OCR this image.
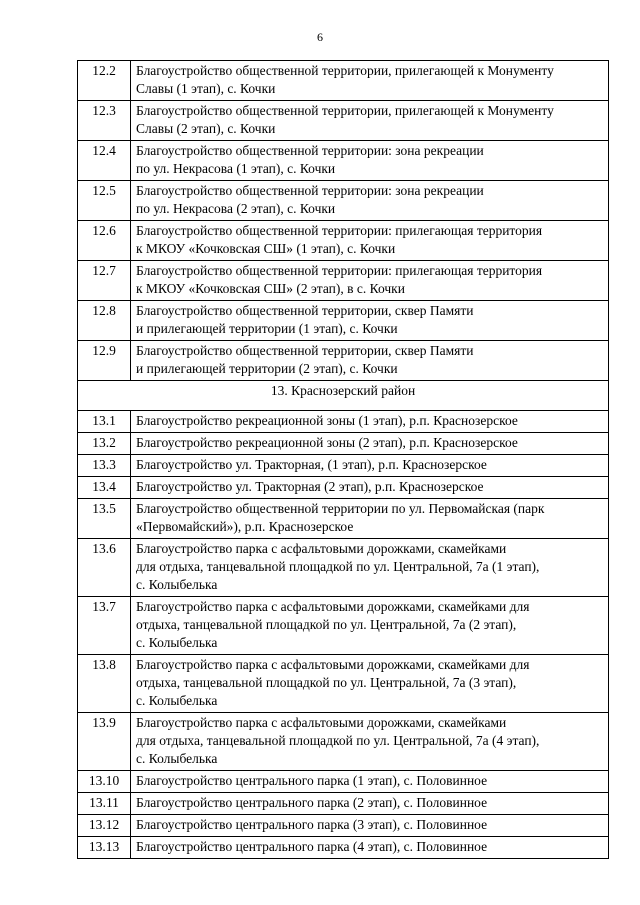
6
12.2	Благоустройство общественной территории, прилегающей к Монументу
Славы (1 этап), с. Кочки
12.3	Благоустройство общественной территории, прилегающей к Монументу
Славы (2 этап), с. Кочки
12.4	Благоустройство общественной территории: зона рекреации
по ул. Некрасова (1 этап), с. Кочки
12.5	Благоустройство общественной территории: зона рекреации
по ул. Некрасова (2 этап), с. Кочки
12.6	Благоустройство общественной территории: прилегающая территория
к МКОУ «Кочковская СШ» (1 этап), с. Кочки
12.7	Благоустройство общественной территории: прилегающая территория
к МКОУ «Кочковская СШ» (2 этап), в с. Кочки
12.8	Благоустройство общественной территории, сквер Памяти
и прилегающей территории (1 этап), с. Кочки
12.9	Благоустройство общественной территории, сквер Памяти
и прилегающей территории (2 этап), с. Кочки
13. Краснозерский район	
13.1	Благоустройство рекреационной зоны (1 этап), р.п. Краснозерское
13.2	Благоустройство рекреационной зоны (2 этап), р.п. Краснозерское
13.3	Благоустройство ул. Тракторная, (1 этап), р.п. Краснозерское
13.4	Благоустройство ул. Тракторная (2 этап), р.п. Краснозерское
13.5	Благоустройство общественной территории по ул. Первомайская (парк
«Первомайский»), р.п. Краснозерское
13.6	Благоустройство парка с асфальтовыми дорожками, скамейками
для отдыха, танцевальной площадкой по ул. Центральной, 7а (1 этап),
с. Колыбелька
13.7	Благоустройство парка с асфальтовыми дорожками, скамейками для
отдыха, танцевальной площадкой по ул. Центральной, 7а (2 этап),
с. Колыбелька
13.8	Благоустройство парка с асфальтовыми дорожками, скамейками для
отдыха, танцевальной площадкой по ул. Центральной, 7а (3 этап),
с. Колыбелька
13.9	Благоустройство парка с асфальтовыми дорожками, скамейками
для отдыха, танцевальной площадкой по ул. Центральной, 7а (4 этап),
с. Колыбелька
13.10	Благоустройство центрального парка (1 этап), с. Половинное
13.11	Благоустройство центрального парка (2 этап), с. Половинное
13.12	Благоустройство центрального парка (3 этап), с. Половинное
13.13	Благоустройство центрального парка (4 этап), с. Половинное
